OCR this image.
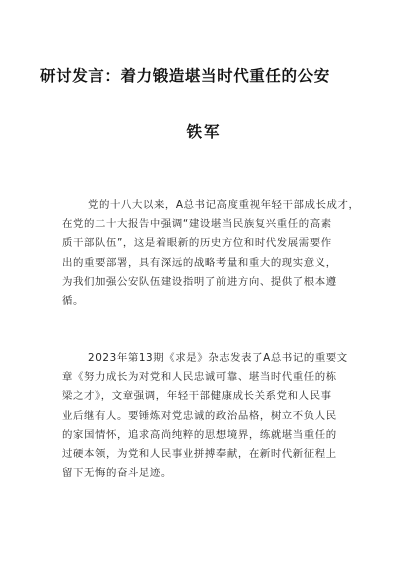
研讨发言：着力锻造堪当时代重任的公安
铁军

党的十八大以来，A总书记高度重视年轻干部成长成才，
在党的二十大报告中强调“建设堪当民族复兴重任的高素
质干部队伍”，这是着眼新的历史方位和时代发展需要作
出的重要部署，具有深远的战略考量和重大的现实意义，
为我们加强公安队伍建设指明了前进方向、提供了根本遵
循。

2023年第13期《求是》杂志发表了A总书记的重要文
章《努力成长为对党和人民忠诚可靠、堪当时代重任的栋
梁之才》，文章强调，年轻干部健康成长关系党和人民事
业后继有人。要锤炼对党忠诚的政治品格，树立不负人民
的家国情怀，追求高尚纯粹的思想境界，练就堪当重任的
过硬本领，为党和人民事业拼搏奉献，在新时代新征程上
留下无悔的奋斗足迹。
